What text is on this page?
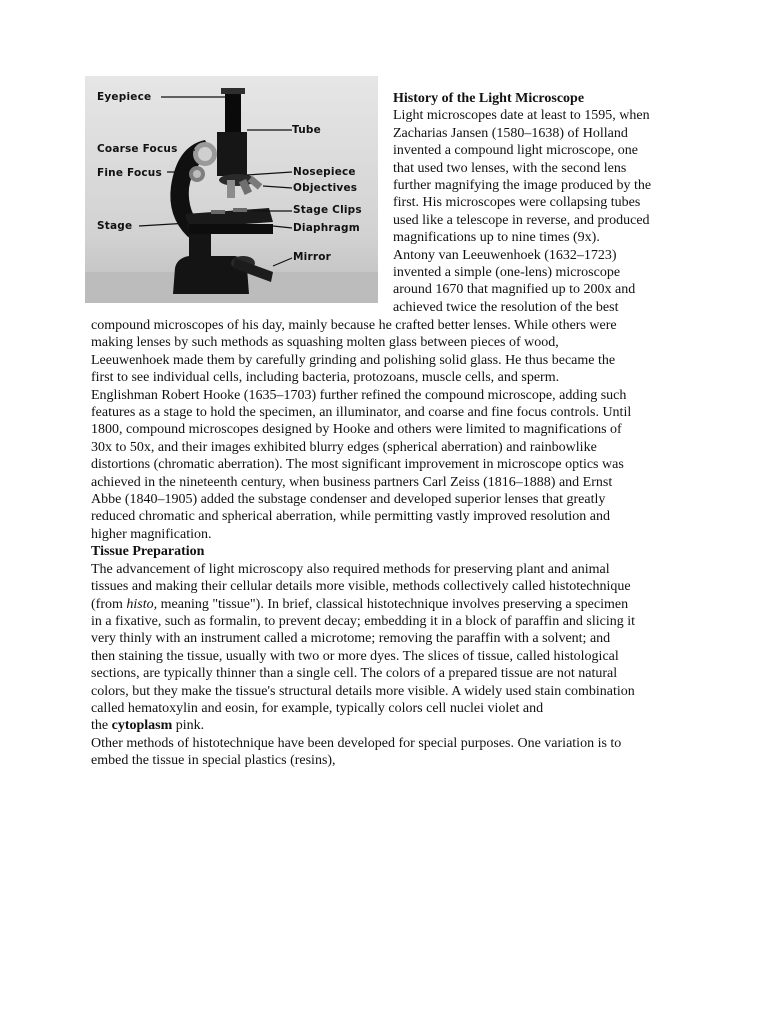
Eyepiece
Tube
Coarse Focus
Fine Focus	Nosepiece
Objectives
Stage Clips
Stage	Diaphragm
Mirror

History of the Light Microscope

Light microscopes date at least to 1595, when

Zacharias Jansen (1580–1638) of Holland

invented a compound light microscope, one

that used two lenses, with the second lens

further magnifying the image produced by the

first. His microscopes were collapsing tubes

used like a telescope in reverse, and produced

magnifications up to nine times (9x).

Antony van Leeuwenhoek (1632–1723)

invented a simple (one-lens) microscope

around 1670 that magnified up to 200x and

achieved twice the resolution of the best

compound microscopes of his day, mainly because he crafted better lenses. While others were

making lenses by such methods as squashing molten glass between pieces of wood,

Leeuwenhoek made them by carefully grinding and polishing solid glass. He thus became the

first to see individual cells, including bacteria, protozoans, muscle cells, and sperm.

Englishman Robert Hooke (1635–1703) further refined the compound microscope, adding such

features as a stage to hold the specimen, an illuminator, and coarse and fine focus controls. Until

1800, compound microscopes designed by Hooke and others were limited to magnifications of

30x to 50x, and their images exhibited blurry edges (spherical aberration) and rainbowlike

distortions (chromatic aberration). The most significant improvement in microscope optics was

achieved in the nineteenth century, when business partners Carl Zeiss (1816–1888) and Ernst

Abbe (1840–1905) added the substage condenser and developed superior lenses that greatly

reduced chromatic and spherical aberration, while permitting vastly improved resolution and

higher magnification.

Tissue Preparation

The advancement of light microscopy also required methods for preserving plant and animal

tissues and making their cellular details more visible, methods collectively called histotechnique

(from histo, meaning "tissue"). In brief, classical histotechnique involves preserving a specimen

in a fixative, such as formalin, to prevent decay; embedding it in a block of paraffin and slicing it

very thinly with an instrument called a microtome; removing the paraffin with a solvent; and

then staining the tissue, usually with two or more dyes. The slices of tissue, called histological

sections, are typically thinner than a single cell. The colors of a prepared tissue are not natural

colors, but they make the tissue's structural details more visible. A widely used stain combination

called hematoxylin and eosin, for example, typically colors cell nuclei violet and

the cytoplasm pink.

Other methods of histotechnique have been developed for special purposes. One variation is to

embed the tissue in special plastics (resins),
